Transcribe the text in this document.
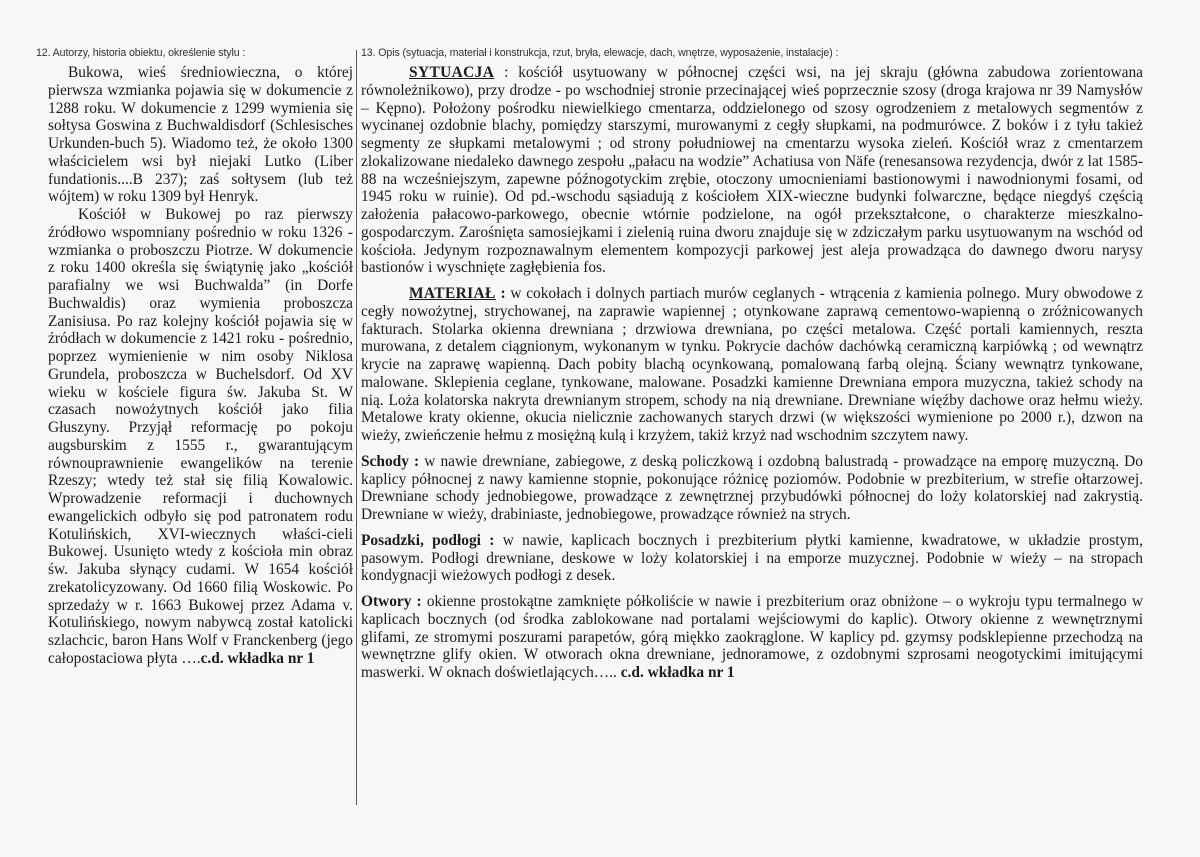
12. Autorzy, historia obiektu, określenie stylu :

Bukowa, wieś średniowieczna, o której pierwsza wzmianka pojawia się w dokumencie z 1288 roku. W dokumencie z 1299 wymienia się sołtysa Goswina z Buchwaldisdorf (Schlesisches Urkunden-buch 5). Wiadomo też, że około 1300 właścicielem wsi był niejaki Lutko (Liber fundationis....B 237); zaś sołtysem (lub też wójtem) w roku 1309 był Henryk.

Kościół w Bukowej po raz pierwszy źródłowo wspomniany pośrednio w roku 1326 - wzmianka o proboszczu Piotrze. W dokumencie z roku 1400 określa się świątynię jako „kościół parafialny we wsi Buchwalda” (in Dorfe Buchwaldis) oraz wymienia proboszcza Zanisiusa. Po raz kolejny kościół pojawia się w źródłach w dokumencie z 1421 roku - pośrednio, poprzez wymienienie w nim osoby Niklosa Grundela, proboszcza w Buchelsdorf. Od XV wieku w kościele figura św. Jakuba St. W czasach nowożytnych kościół jako filia Głuszyny. Przyjął reformację po pokoju augsburskim z 1555 r., gwarantującym równouprawnienie ewangelików na terenie Rzeszy; wtedy też stał się filią Kowalowic. Wprowadzenie reformacji i duchownych ewangelickich odbyło się pod patronatem rodu Kotulińskich, XVI-wiecznych właści-cieli Bukowej. Usunięto wtedy z kościoła min obraz św. Jakuba słynący cudami. W 1654 kościół zrekatolicyzowany. Od 1660 filią Woskowic. Po sprzedaży w r. 1663 Bukowej przez Adama v. Kotulińskiego, nowym nabywcą został katolicki szlachcic, baron Hans Wolf v Franckenberg (jego całopostaciowa płyta ….c.d. wkładka nr 1

13. Opis (sytuacja, materiał i konstrukcja, rzut, bryła, elewacje, dach, wnętrze, wyposażenie, instalacje) :

SYTUACJA : kościół usytuowany w północnej części wsi, na jej skraju (główna zabudowa zorientowana równoleżnikowo), przy drodze - po wschodniej stronie przecinającej wieś poprzecznie szosy (droga krajowa nr 39 Namysłów – Kępno). Położony pośrodku niewielkiego cmentarza, oddzielonego od szosy ogrodzeniem z metalowych segmentów z wycinanej ozdobnie blachy, pomiędzy starszymi, murowanymi z cegły słupkami, na podmurówce. Z boków i z tyłu takież segmenty ze słupkami metalowymi ; od strony południowej na cmentarzu wysoka zieleń. Kościół wraz z cmentarzem zlokalizowane niedaleko dawnego zespołu „pałacu na wodzie” Achatiusa von Näfe (renesansowa rezydencja, dwór z lat 1585-88 na wcześniejszym, zapewne późnogotyckim zrębie, otoczony umocnieniami bastionowymi i nawodnionymi fosami, od 1945 roku w ruinie). Od pd.-wschodu sąsiadują z kościołem XIX-wieczne budynki folwarczne, będące niegdyś częścią założenia pałacowo-parkowego, obecnie wtórnie podzielone, na ogół przekształcone, o charakterze mieszkalno-gospodarczym. Zarośnięta samosiejkami i zielenią ruina dworu znajduje się w zdziczałym parku usytuowanym na wschód od kościoła. Jedynym rozpoznawalnym elementem kompozycji parkowej jest aleja prowadząca do dawnego dworu narysy bastionów i wyschnięte zagłębienia fos.

MATERIAŁ : w cokołach i dolnych partiach murów ceglanych - wtrącenia z kamienia polnego. Mury obwodowe z cegły nowożytnej, strychowanej, na zaprawie wapiennej ; otynkowane zaprawą cementowo-wapienną o zróżnicowanych fakturach. Stolarka okienna drewniana ; drzwiowa drewniana, po części metalowa. Część portali kamiennych, reszta murowana, z detalem ciągnionym, wykonanym w tynku. Pokrycie dachów dachówką ceramiczną karpiówką ; od wewnątrz krycie na zaprawę wapienną. Dach pobity blachą ocynkowaną, pomalowaną farbą olejną. Ściany wewnątrz tynkowane, malowane. Sklepienia ceglane, tynkowane, malowane. Posadzki kamienne Drewniana empora muzyczna, takież schody na nią. Loża kolatorska nakryta drewnianym stropem, schody na nią drewniane. Drewniane więźby dachowe oraz hełmu wieży. Metalowe kraty okienne, okucia nielicznie zachowanych starych drzwi (w większości wymienione po 2000 r.), dzwon na wieży, zwieńczenie hełmu z mosiężną kulą i krzyżem, takiż krzyż nad wschodnim szczytem nawy.

Schody : w nawie drewniane, zabiegowe, z deską policzkową i ozdobną balustradą - prowadzące na emporę muzyczną. Do kaplicy północnej z nawy kamienne stopnie, pokonujące różnicę poziomów. Podobnie w prezbiterium, w strefie ołtarzowej. Drewniane schody jednobiegowe, prowadzące z zewnętrznej przybudówki północnej do loży kolatorskiej nad zakrystią. Drewniane w wieży, drabiniaste, jednobiegowe, prowadzące również na strych.

Posadzki, podłogi : w nawie, kaplicach bocznych i prezbiterium płytki kamienne, kwadratowe, w układzie prostym, pasowym. Podłogi drewniane, deskowe w loży kolatorskiej i na emporze muzycznej. Podobnie w wieży – na stropach kondygnacji wieżowych podłogi z desek.

Otwory : okienne prostokątne zamknięte półkoliście w nawie i prezbiterium oraz obniżone – o wykroju typu termalnego w kaplicach bocznych (od środka zablokowane nad portalami wejściowymi do kaplic). Otwory okienne z wewnętrznymi glifami, ze stromymi poszurami parapetów, górą miękko zaokrąglone. W kaplicy pd. gzymsy podsklepienne przechodzą na wewnętrzne glify okien. W otworach okna drewniane, jednoramowe, z ozdobnymi szprosami neogotyckimi imitującymi maswerki. W oknach doświetlających….. c.d. wkładka nr 1
